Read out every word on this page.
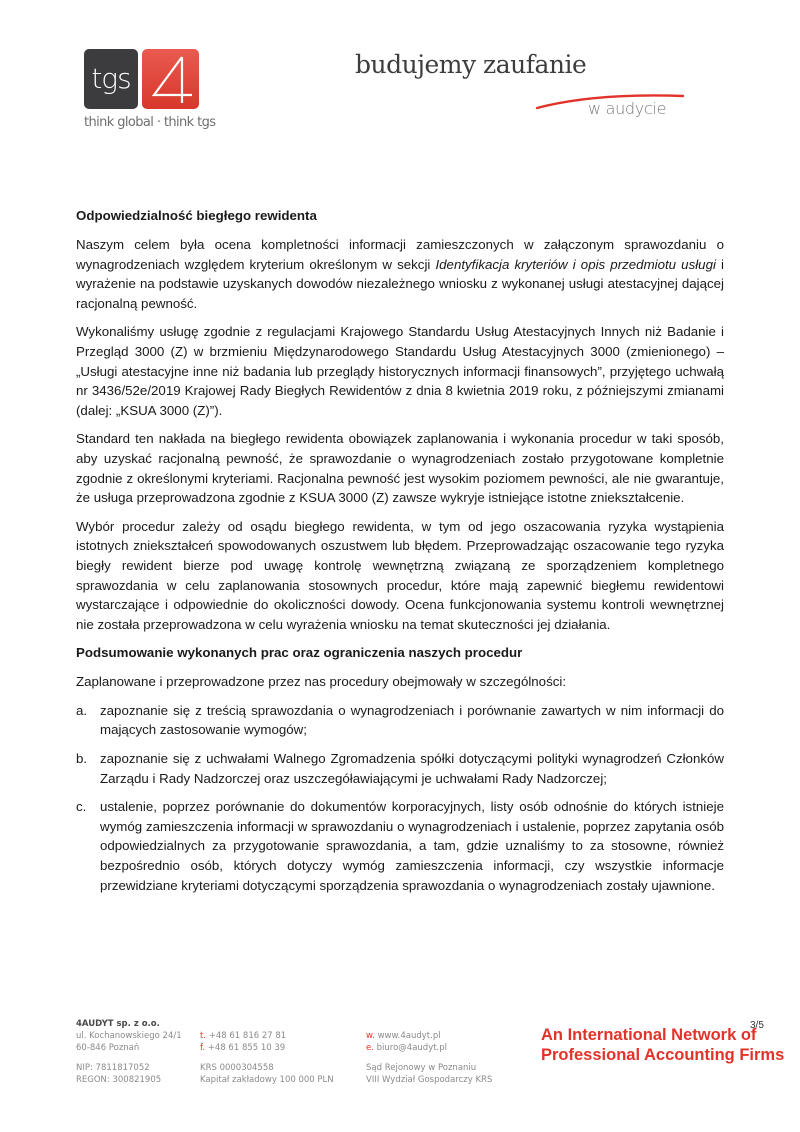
tgs
think global · think tgs
budujemy zaufanie
w audycie
Odpowiedzialność biegłego rewidenta

Naszym celem była ocena kompletności informacji zamieszczonych w załączonym sprawozdaniu o wynagrodzeniach względem kryterium określonym w sekcji Identyfikacja kryteriów i opis przedmiotu usługi i wyrażenie na podstawie uzyskanych dowodów niezależnego wniosku z wykonanej usługi atestacyjnej dającej racjonalną pewność.

Wykonaliśmy usługę zgodnie z regulacjami Krajowego Standardu Usług Atestacyjnych Innych niż Badanie i Przegląd 3000 (Z) w brzmieniu Międzynarodowego Standardu Usług Atestacyjnych 3000 (zmienionego) – „Usługi atestacyjne inne niż badania lub przeglądy historycznych informacji finansowych”, przyjętego uchwałą nr 3436/52e/2019 Krajowej Rady Biegłych Rewidentów z dnia 8 kwietnia 2019 roku, z późniejszymi zmianami (dalej: „KSUA 3000 (Z)”).

Standard ten nakłada na biegłego rewidenta obowiązek zaplanowania i wykonania procedur w taki sposób, aby uzyskać racjonalną pewność, że sprawozdanie o wynagrodzeniach zostało przygotowane kompletnie zgodnie z określonymi kryteriami. Racjonalna pewność jest wysokim poziomem pewności, ale nie gwarantuje, że usługa przeprowadzona zgodnie z KSUA 3000 (Z) zawsze wykryje istniejące istotne zniekształcenie.

Wybór procedur zależy od osądu biegłego rewidenta, w tym od jego oszacowania ryzyka wystąpienia istotnych zniekształceń spowodowanych oszustwem lub błędem. Przeprowadzając oszacowanie tego ryzyka biegły rewident bierze pod uwagę kontrolę wewnętrzną związaną ze sporządzeniem kompletnego sprawozdania w celu zaplanowania stosownych procedur, które mają zapewnić biegłemu rewidentowi wystarczające i odpowiednie do okoliczności dowody. Ocena funkcjonowania systemu kontroli wewnętrznej nie została przeprowadzona w celu wyrażenia wniosku na temat skuteczności jej działania.

Podsumowanie wykonanych prac oraz ograniczenia naszych procedur

Zaplanowane i przeprowadzone przez nas procedury obejmowały w szczególności:

a. zapoznanie się z treścią sprawozdania o wynagrodzeniach i porównanie zawartych w nim informacji do mających zastosowanie wymogów;
b. zapoznanie się z uchwałami Walnego Zgromadzenia spółki dotyczącymi polityki wynagrodzeń Członków Zarządu i Rady Nadzorczej oraz uszczegóławiającymi je uchwałami Rady Nadzorczej;
c. ustalenie, poprzez porównanie do dokumentów korporacyjnych, listy osób odnośnie do których istnieje wymóg zamieszczenia informacji w sprawozdaniu o wynagrodzeniach i ustalenie, poprzez zapytania osób odpowiedzialnych za przygotowanie sprawozdania, a tam, gdzie uznaliśmy to za stosowne, również bezpośrednio osób, których dotyczy wymóg zamieszczenia informacji, czy wszystkie informacje przewidziane kryteriami dotyczącymi sporządzenia sprawozdania o wynagrodzeniach zostały ujawnione.
3/5
4AUDYT sp. z o.o.
ul. Kochanowskiego 24/1
60-846 Poznań
NIP: 7811817052
REGON: 300821905
t. +48 61 816 27 81
f. +48 61 855 10 39
KRS 0000304558
Kapitał zakładowy 100 000 PLN
w. www.4audyt.pl
e. biuro@4audyt.pl
Sąd Rejonowy w Poznaniu
VIII Wydział Gospodarczy KRS
An International Network of
Professional Accounting Firms
